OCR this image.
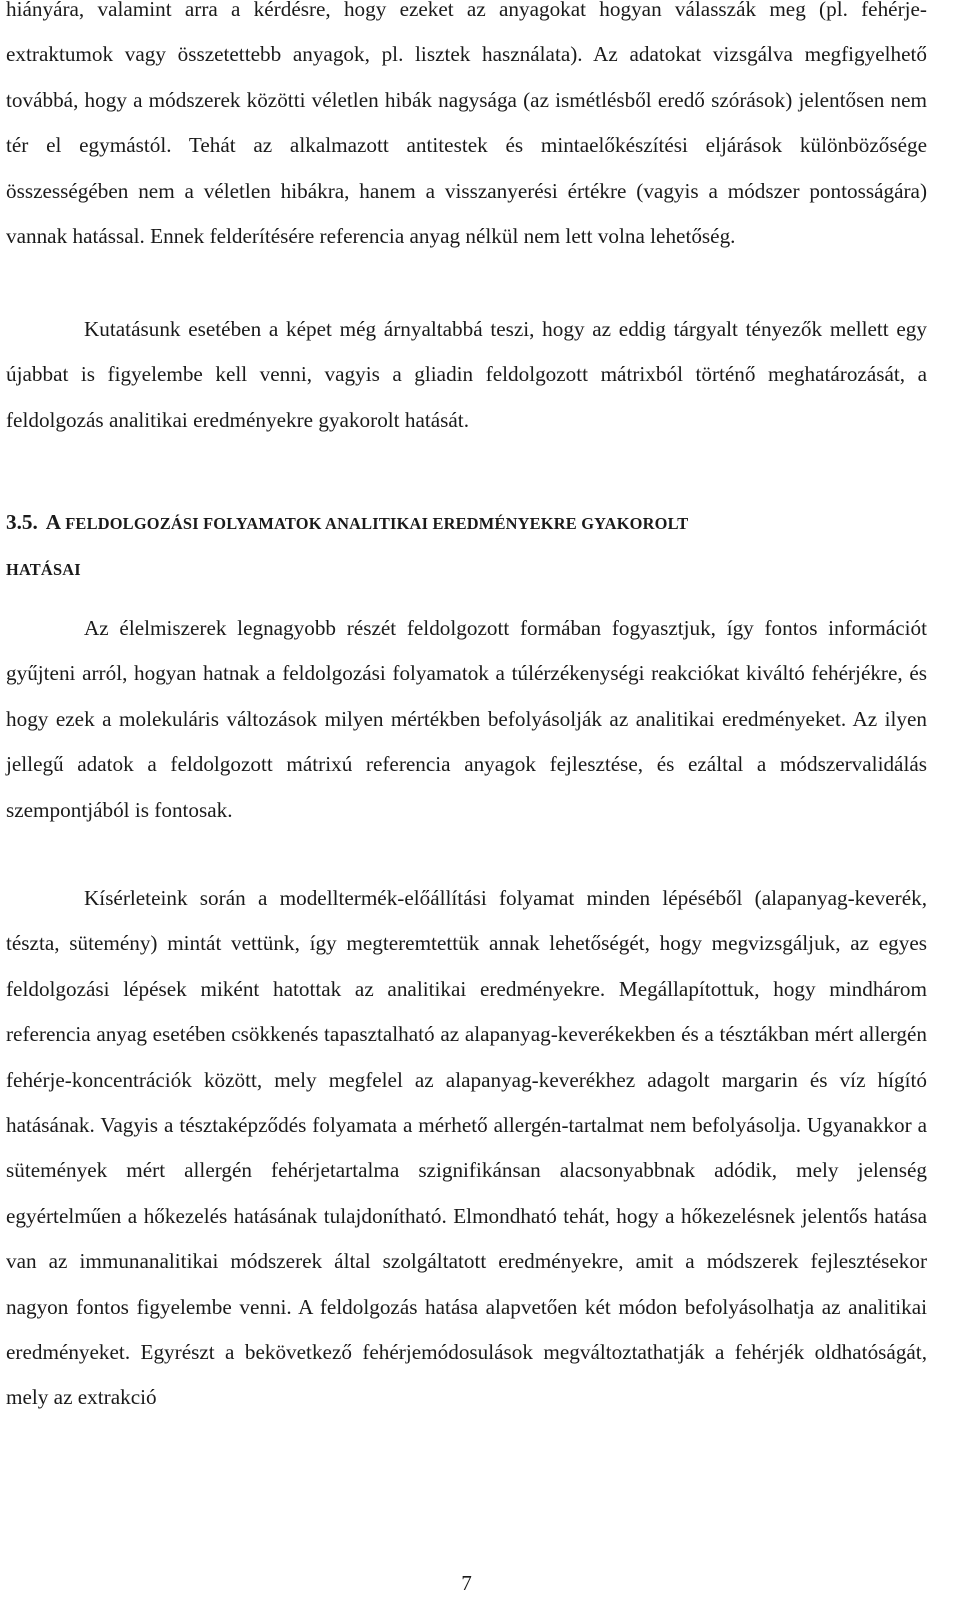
hiányára, valamint arra a kérdésre, hogy ezeket az anyagokat hogyan válasszák meg (pl. fehérje-extraktumok vagy összetettebb anyagok, pl. lisztek használata). Az adatokat vizsgálva megfigyelhető továbbá, hogy a módszerek közötti véletlen hibák nagysága (az ismétlésből eredő szórások) jelentősen nem tér el egymástól. Tehát az alkalmazott antitestek és mintaelőkészítési eljárások különbözősége összességében nem a véletlen hibákra, hanem a visszanyerési értékre (vagyis a módszer pontosságára) vannak hatással. Ennek felderítésére referencia anyag nélkül nem lett volna lehetőség.

Kutatásunk esetében a képet még árnyaltabbá teszi, hogy az eddig tárgyalt tényezők mellett egy újabbat is figyelembe kell venni, vagyis a gliadin feldolgozott mátrixból történő meghatározását, a feldolgozás analitikai eredményekre gyakorolt hatását.

3.5. A FELDOLGOZÁSI FOLYAMATOK ANALITIKAI EREDMÉNYEKRE GYAKOROLT
HATÁSAI

Az élelmiszerek legnagyobb részét feldolgozott formában fogyasztjuk, így fontos információt gyűjteni arról, hogyan hatnak a feldolgozási folyamatok a túlérzékenységi reakciókat kiváltó fehérjékre, és hogy ezek a molekuláris változások milyen mértékben befolyásolják az analitikai eredményeket. Az ilyen jellegű adatok a feldolgozott mátrixú referencia anyagok fejlesztése, és ezáltal a módszervalidálás szempontjából is fontosak.

Kísérleteink során a modelltermék-előállítási folyamat minden lépéséből (alapanyag-keverék, tészta, sütemény) mintát vettünk, így megteremtettük annak lehetőségét, hogy megvizsgáljuk, az egyes feldolgozási lépések miként hatottak az analitikai eredményekre. Megállapítottuk, hogy mindhárom referencia anyag esetében csökkenés tapasztalható az alapanyag-keverékekben és a tésztákban mért allergén fehérje-koncentrációk között, mely megfelel az alapanyag-keverékhez adagolt margarin és víz hígító hatásának. Vagyis a tésztaképződés folyamata a mérhető allergén-tartalmat nem befolyásolja. Ugyanakkor a sütemények mért allergén fehérjetartalma szignifikánsan alacsonyabbnak adódik, mely jelenség egyértelműen a hőkezelés hatásának tulajdonítható. Elmondható tehát, hogy a hőkezelésnek jelentős hatása van az immunanalitikai módszerek által szolgáltatott eredményekre, amit a módszerek fejlesztésekor nagyon fontos figyelembe venni. A feldolgozás hatása alapvetően két módon befolyásolhatja az analitikai eredményeket. Egyrészt a bekövetkező fehérjemódosulások megváltoztathatják a fehérjék oldhatóságát, mely az extrakció

7
